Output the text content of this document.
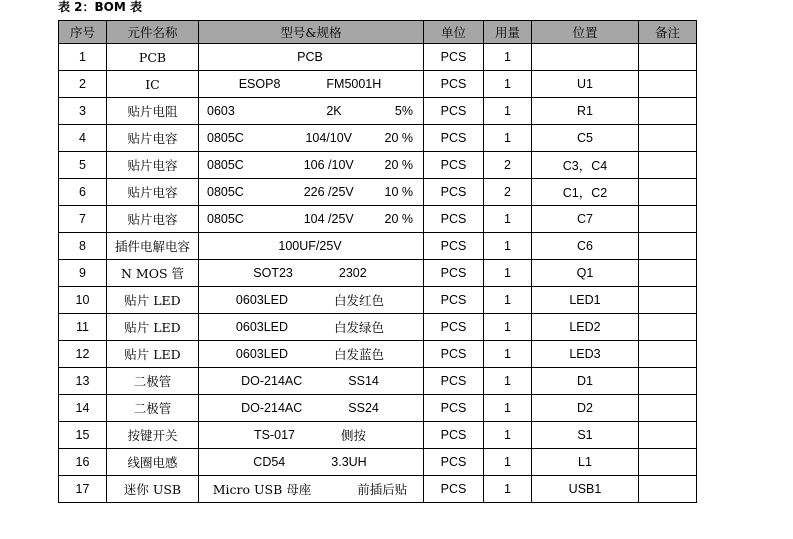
表 2：BOM 表
序号	元件名称	型号&规格	单位	用量	位置	备注
1	PCB	PCB	PCS	1		
2	IC	ESOP8 FM5001H	PCS	1	U1	
3	贴片电阻	0603 2K 5%	PCS	1	R1	
4	贴片电容	0805C 104/10V 20 %	PCS	1	C5	
5	贴片电容	0805C 106 /10V 20 %	PCS	2	C3，C4	
6	贴片电容	0805C 226 /25V 10 %	PCS	2	C1，C2	
7	贴片电容	0805C 104 /25V 20 %	PCS	1	C7	
8	插件电解电容	100UF/25V	PCS	1	C6	
9	N MOS 管	SOT23 2302	PCS	1	Q1	
10	贴片 LED	0603LED 白发红色	PCS	1	LED1	
11	贴片 LED	0603LED 白发绿色	PCS	1	LED2	
12	贴片 LED	0603LED 白发蓝色	PCS	1	LED3	
13	二极管	DO-214AC SS14	PCS	1	D1	
14	二极管	DO-214AC SS24	PCS	1	D2	
15	按键开关	TS-017 侧按	PCS	1	S1	
16	线圈电感	CD54 3.3UH	PCS	1	L1	
17	迷你 USB	Micro USB 母座 前插后贴	PCS	1	USB1	
